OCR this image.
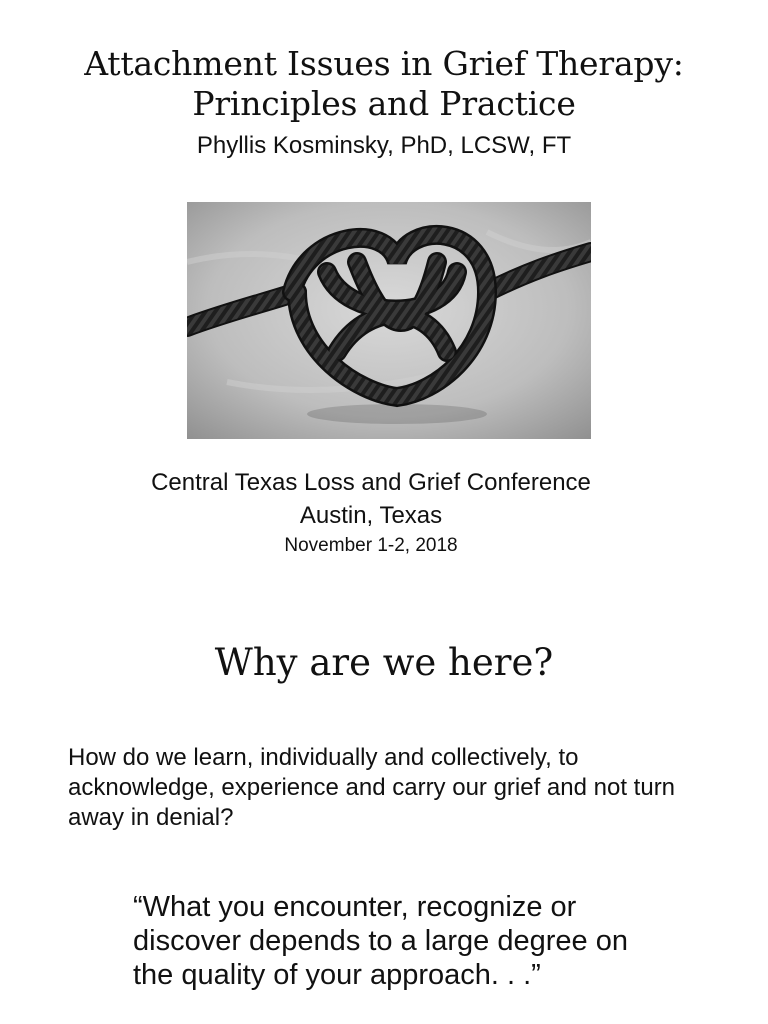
Attachment Issues in Grief Therapy:
Principles and Practice
Phyllis Kosminsky, PhD, LCSW, FT
Central Texas Loss and Grief Conference
Austin, Texas
November 1-2, 2018
Why are we here?
How do we learn, individually and collectively, to acknowledge, experience and carry our grief and not turn away in denial?
“What you encounter, recognize or discover depends to a large degree on the quality of your approach. . .”
